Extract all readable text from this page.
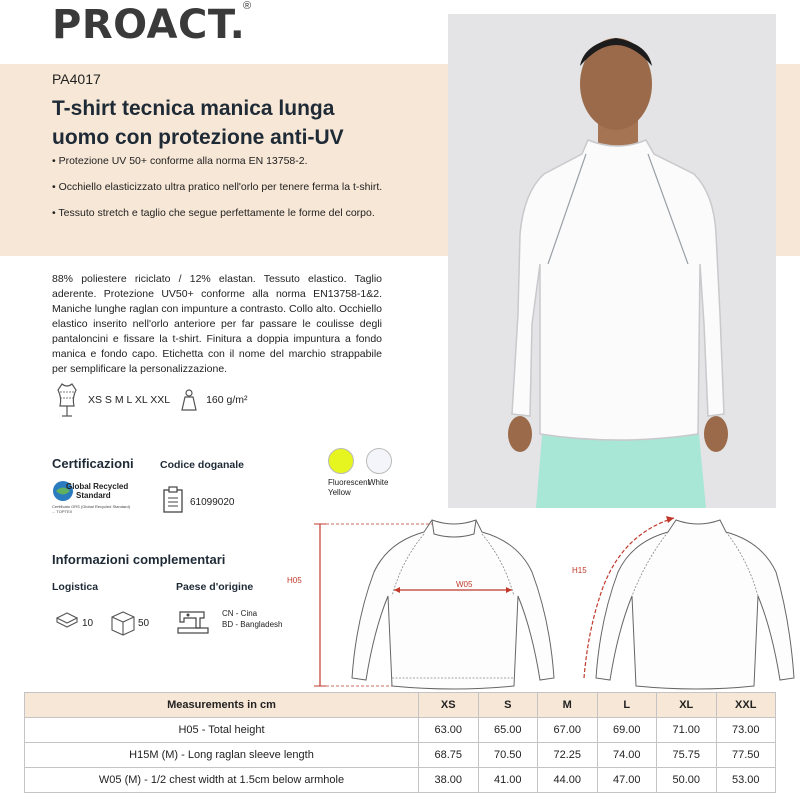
PROACT.
®
PA4017
T-shirt tecnica manica lunga
uomo con protezione anti-UV
• Protezione UV 50+ conforme alla norma EN 13758-2.
• Occhiello elasticizzato ultra pratico nell'orlo per tenere ferma la t-shirt.
• Tessuto stretch e taglio che segue perfettamente le forme del corpo.
88% poliestere riciclato / 12% elastan. Tessuto elastico. Taglio aderente. Protezione UV50+ conforme alla norma EN13758-1&2. Maniche lunghe raglan con impunture a contrasto. Collo alto. Occhiello elastico inserito nell'orlo anteriore per far passare le coulisse degli pantaloncini e fissare la t-shirt. Finitura a doppia impuntura a fondo manica e fondo capo. Etichetta con il nome del marchio strappabile per semplificare la personalizzazione.
XS S M L XL XXL	160 g/m²
Certificazioni
Global Recycled
Standard
Certificato GRS (Global Recycled Standard) ... TOPTEX
Codice doganale
61099020
Fluorescent
Yellow
White
Informazioni complementari
Logistica	Paese d'origine
10	50
CN - Cina
BD - Bangladesh
H05	W05
H15
Measurements in cm	XS	S	M	L	XL	XXL
H05 - Total height	63.00	65.00	67.00	69.00	71.00	73.00
H15M (M) - Long raglan sleeve length	68.75	70.50	72.25	74.00	75.75	77.50
W05 (M) - 1/2 chest width at 1.5cm below armhole	38.00	41.00	44.00	47.00	50.00	53.00
